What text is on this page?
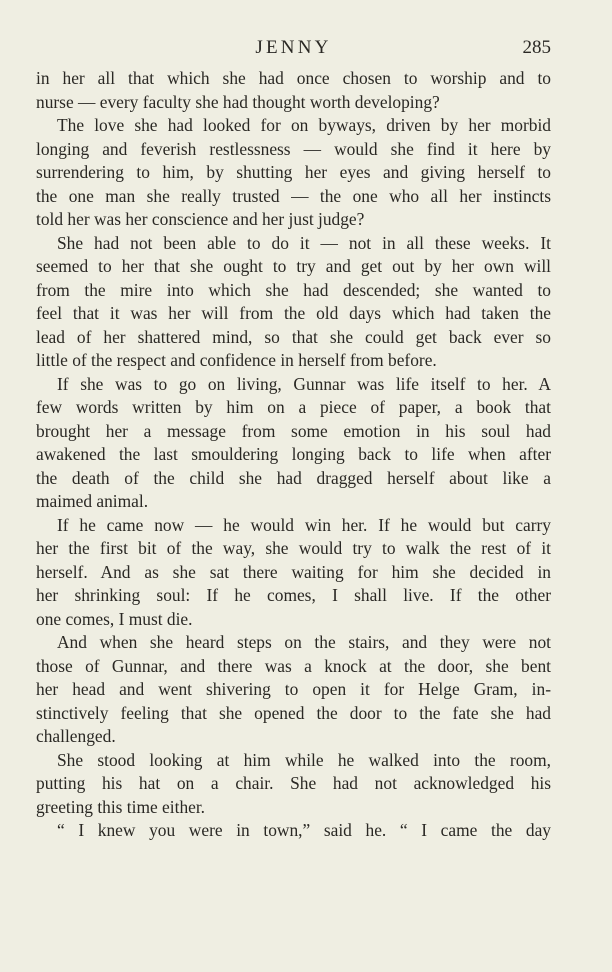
JENNY	285
in her all that which she had once chosen to worship and to
nurse — every faculty she had thought worth developing?
The love she had looked for on byways, driven by her morbid
longing and feverish restlessness — would she find it here by
surrendering to him, by shutting her eyes and giving herself to
the one man she really trusted — the one who all her instincts
told her was her conscience and her just judge?
She had not been able to do it — not in all these weeks. It
seemed to her that she ought to try and get out by her own will
from the mire into which she had descended; she wanted to
feel that it was her will from the old days which had taken the
lead of her shattered mind, so that she could get back ever so
little of the respect and confidence in herself from before.
If she was to go on living, Gunnar was life itself to her. A
few words written by him on a piece of paper, a book that
brought her a message from some emotion in his soul had
awakened the last smouldering longing back to life when after
the death of the child she had dragged herself about like a
maimed animal.
If he came now — he would win her. If he would but carry
her the first bit of the way, she would try to walk the rest of it
herself. And as she sat there waiting for him she decided in
her shrinking soul: If he comes, I shall live. If the other
one comes, I must die.
And when she heard steps on the stairs, and they were not
those of Gunnar, and there was a knock at the door, she bent
her head and went shivering to open it for Helge Gram, in-
stinctively feeling that she opened the door to the fate she had
challenged.
She stood looking at him while he walked into the room,
putting his hat on a chair. She had not acknowledged his
greeting this time either.
“ I knew you were in town,” said he. “ I came the day
